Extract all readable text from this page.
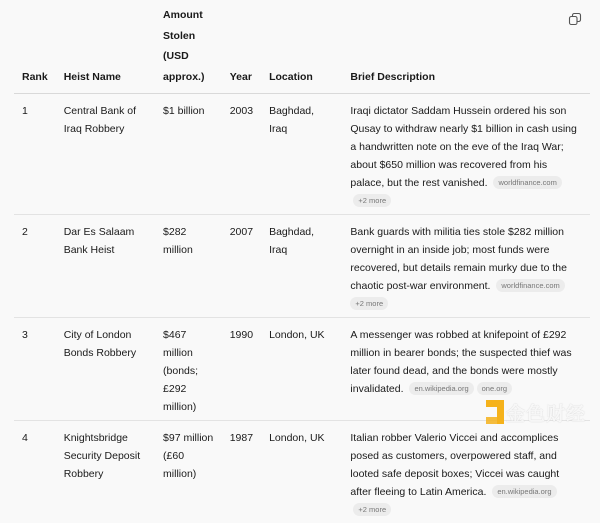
Rank	Heist Name	Amount
Stolen (USD
approx.)	Year	Location	Brief Description
1	Central Bank of Iraq Robbery	$1 billion	2003	Baghdad, Iraq	Iraqi dictator Saddam Hussein ordered his son Qusay to withdraw nearly $1 billion in cash using a handwritten note on the eve of the Iraq War; about $650 million was recovered from his palace, but the rest vanished. worldfinance.com+2 more
2	Dar Es Salaam Bank Heist	$282 million	2007	Baghdad, Iraq	Bank guards with militia ties stole $282 million overnight in an inside job; most funds were recovered, but details remain murky due to the chaotic post-war environment. worldfinance.com
+2 more
3	City of London Bonds Robbery	$467 million (bonds; £292 million)	1990	London, UK	A messenger was robbed at knifepoint of £292 million in bearer bonds; the suspected thief was later found dead, and the bonds were mostly invalidated. en.wikipedia.org one.org
4	Knightsbridge Security Deposit Robbery	$97 million (£60 million)	1987	London, UK	Italian robber Valerio Viccei and accomplices posed as customers, overpowered staff, and looted safe deposit boxes; Viccei was caught after fleeing to Latin America. en.wikipedia.org+2 more
金色财经
